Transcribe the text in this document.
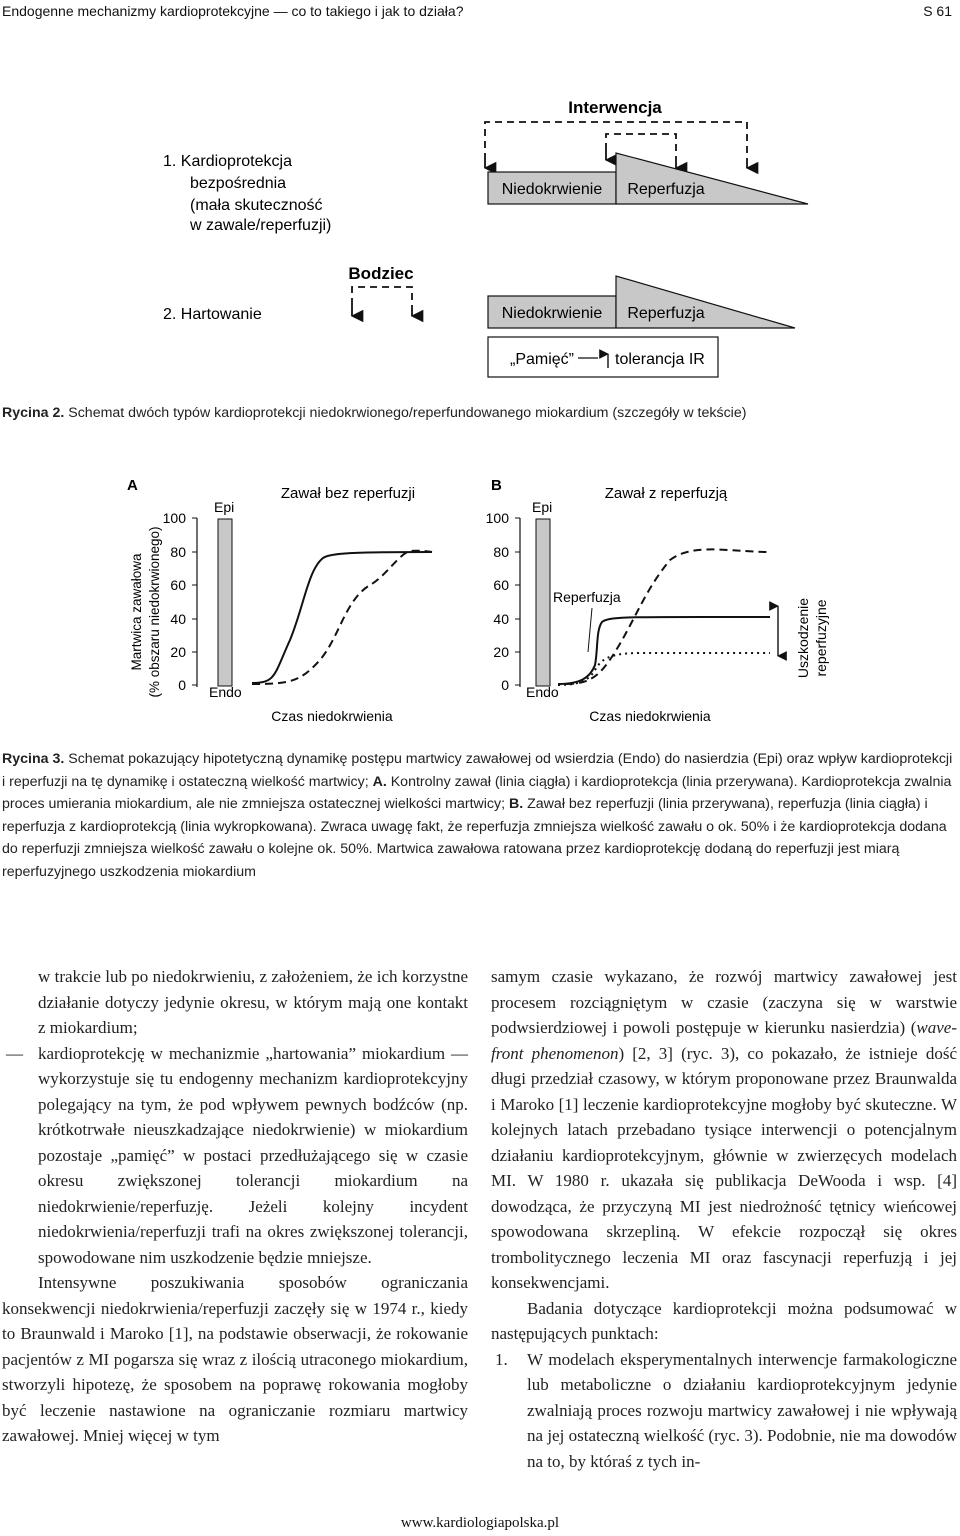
Endogenne mechanizmy kardioprotekcyjne — co to takiego i jak to działa?	S 61
Interwencja
1. Kardioprotekcja
bezpośrednia
(mała skuteczność
w zawale/reperfuzji)
Niedokrwienie Reperfuzja
Bodziec
2. Hartowanie	Niedokrwienie Reperfuzja
„Pamięć”	tolerancja IR
Rycina 2. Schemat dwóch typów kardioprotekcji niedokrwionego/reperfundowanego miokardium (szczegóły w tekście)
Martwica zawałowa (% obszaru niedokrwionego)
A
100
80
60
40
20
0
Epi
Endo
Zawał bez reperfuzji
Czas niedokrwienia
B
100
80
60
40
20
0
Epi
Endo
Zawał z reperfuzją
Czas niedokrwienia
Reperfuzja
Uszkodzenie reperfuzyjne
Rycina 3. Schemat pokazujący hipotetyczną dynamikę postępu martwicy zawałowej od wsierdzia (Endo) do nasierdzia (Epi) oraz wpływ kardioprotekcji i reperfuzji na tę dynamikę i ostateczną wielkość martwicy; A. Kontrolny zawał (linia ciągła) i kardioprotekcja (linia przerywana). Kardioprotekcja zwalnia proces umierania miokardium, ale nie zmniejsza ostatecznej wielkości martwicy; B. Zawał bez reperfuzji (linia przerywana), reperfuzja (linia ciągła) i reperfuzja z kardioprotekcją (linia wykropkowana). Zwraca uwagę fakt, że reperfuzja zmniejsza wielkość zawału o ok. 50% i że kardioprotekcja dodana do reperfuzji zmniejsza wielkość zawału o kolejne ok. 50%. Martwica zawałowa ratowana przez kardioprotekcję dodaną do reperfuzji jest miarą reperfuzyjnego uszkodzenia miokardium

w trakcie lub po niedokrwieniu, z założeniem, że ich korzystne działanie dotyczy jedynie okresu, w którym mają one kontakt z miokardium;

— kardioprotekcję w mechanizmie „hartowania” miokardium — wykorzystuje się tu endogenny mechanizm kardioprotekcyjny polegający na tym, że pod wpływem pewnych bodźców (np. krótkotrwałe nieuszkadzające niedokrwienie) w miokardium pozostaje „pamięć” w postaci przedłużającego się w czasie okresu zwiększonej tolerancji miokardium na niedokrwienie/reperfuzję. Jeżeli kolejny incydent niedokrwienia/reperfuzji trafi na okres zwiększonej tolerancji, spowodowane nim uszkodzenie będzie mniejsze.

Intensywne poszukiwania sposobów ograniczania konsekwencji niedokrwienia/reperfuzji zaczęły się w 1974 r., kiedy to Braunwald i Maroko [1], na podstawie obserwacji, że rokowanie pacjentów z MI pogarsza się wraz z ilością utraconego miokardium, stworzyli hipotezę, że sposobem na poprawę rokowania mogłoby być leczenie nastawione na ograniczanie rozmiaru martwicy zawałowej. Mniej więcej w tym

samym czasie wykazano, że rozwój martwicy zawałowej jest procesem rozciągniętym w czasie (zaczyna się w warstwie podwsierdziowej i powoli postępuje w kierunku nasierdzia) (wave-front phenomenon) [2, 3] (ryc. 3), co pokazało, że istnieje dość długi przedział czasowy, w którym proponowane przez Braunwalda i Maroko [1] leczenie kardioprotekcyjne mogłoby być skuteczne. W kolejnych latach przebadano tysiące interwencji o potencjalnym działaniu kardioprotekcyjnym, głównie w zwierzęcych modelach MI. W 1980 r. ukazała się publikacja DeWooda i wsp. [4] dowodząca, że przyczyną MI jest niedrożność tętnicy wieńcowej spowodowana skrzepliną. W efekcie rozpoczął się okres trombolitycznego leczenia MI oraz fascynacji reperfuzją i jej konsekwencjami.

Badania dotyczące kardioprotekcji można podsumować w następujących punktach:

1. W modelach eksperymentalnych interwencje farmakologiczne lub metaboliczne o działaniu kardioprotekcyjnym jedynie zwalniają proces rozwoju martwicy zawałowej i nie wpływają na jej ostateczną wielkość (ryc. 3). Podobnie, nie ma dowodów na to, by któraś z tych in-

www.kardiologiapolska.pl
